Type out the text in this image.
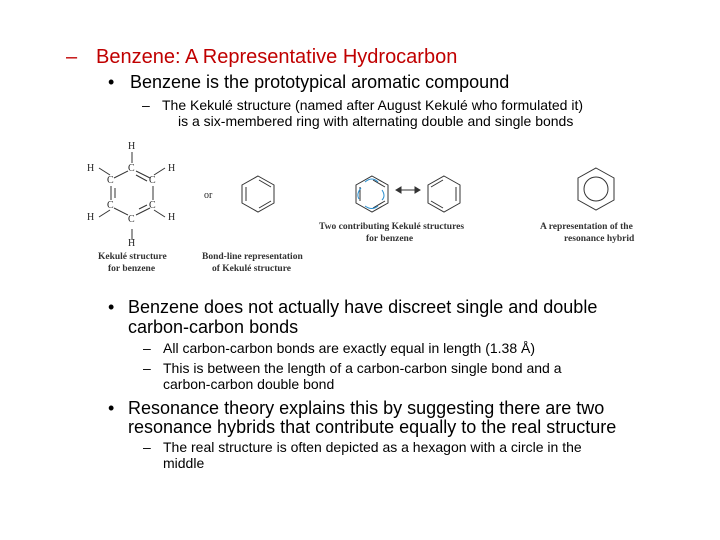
– Benzene: A Representative Hydrocarbon
• Benzene is the prototypical aromatic compound
– The Kekulé structure (named after August Kekulé who formulated it)
is a six-membered ring with alternating double and single bonds
H
C
H
C	C
H
C	C
H	H
C
H
Kekulé structure
for benzene
or
Bond-line representation
of Kekulé structure
Two contributing Kekulé structures
for benzene
A representation of the
resonance hybrid
• Benzene does not actually have discreet single and double
carbon-carbon bonds
– All carbon-carbon bonds are exactly equal in length (1.38 Å)
– This is between the length of a carbon-carbon single bond and a
carbon-carbon double bond
• Resonance theory explains this by suggesting there are two
resonance hybrids that contribute equally to the real structure
– The real structure is often depicted as a hexagon with a circle in the
middle
